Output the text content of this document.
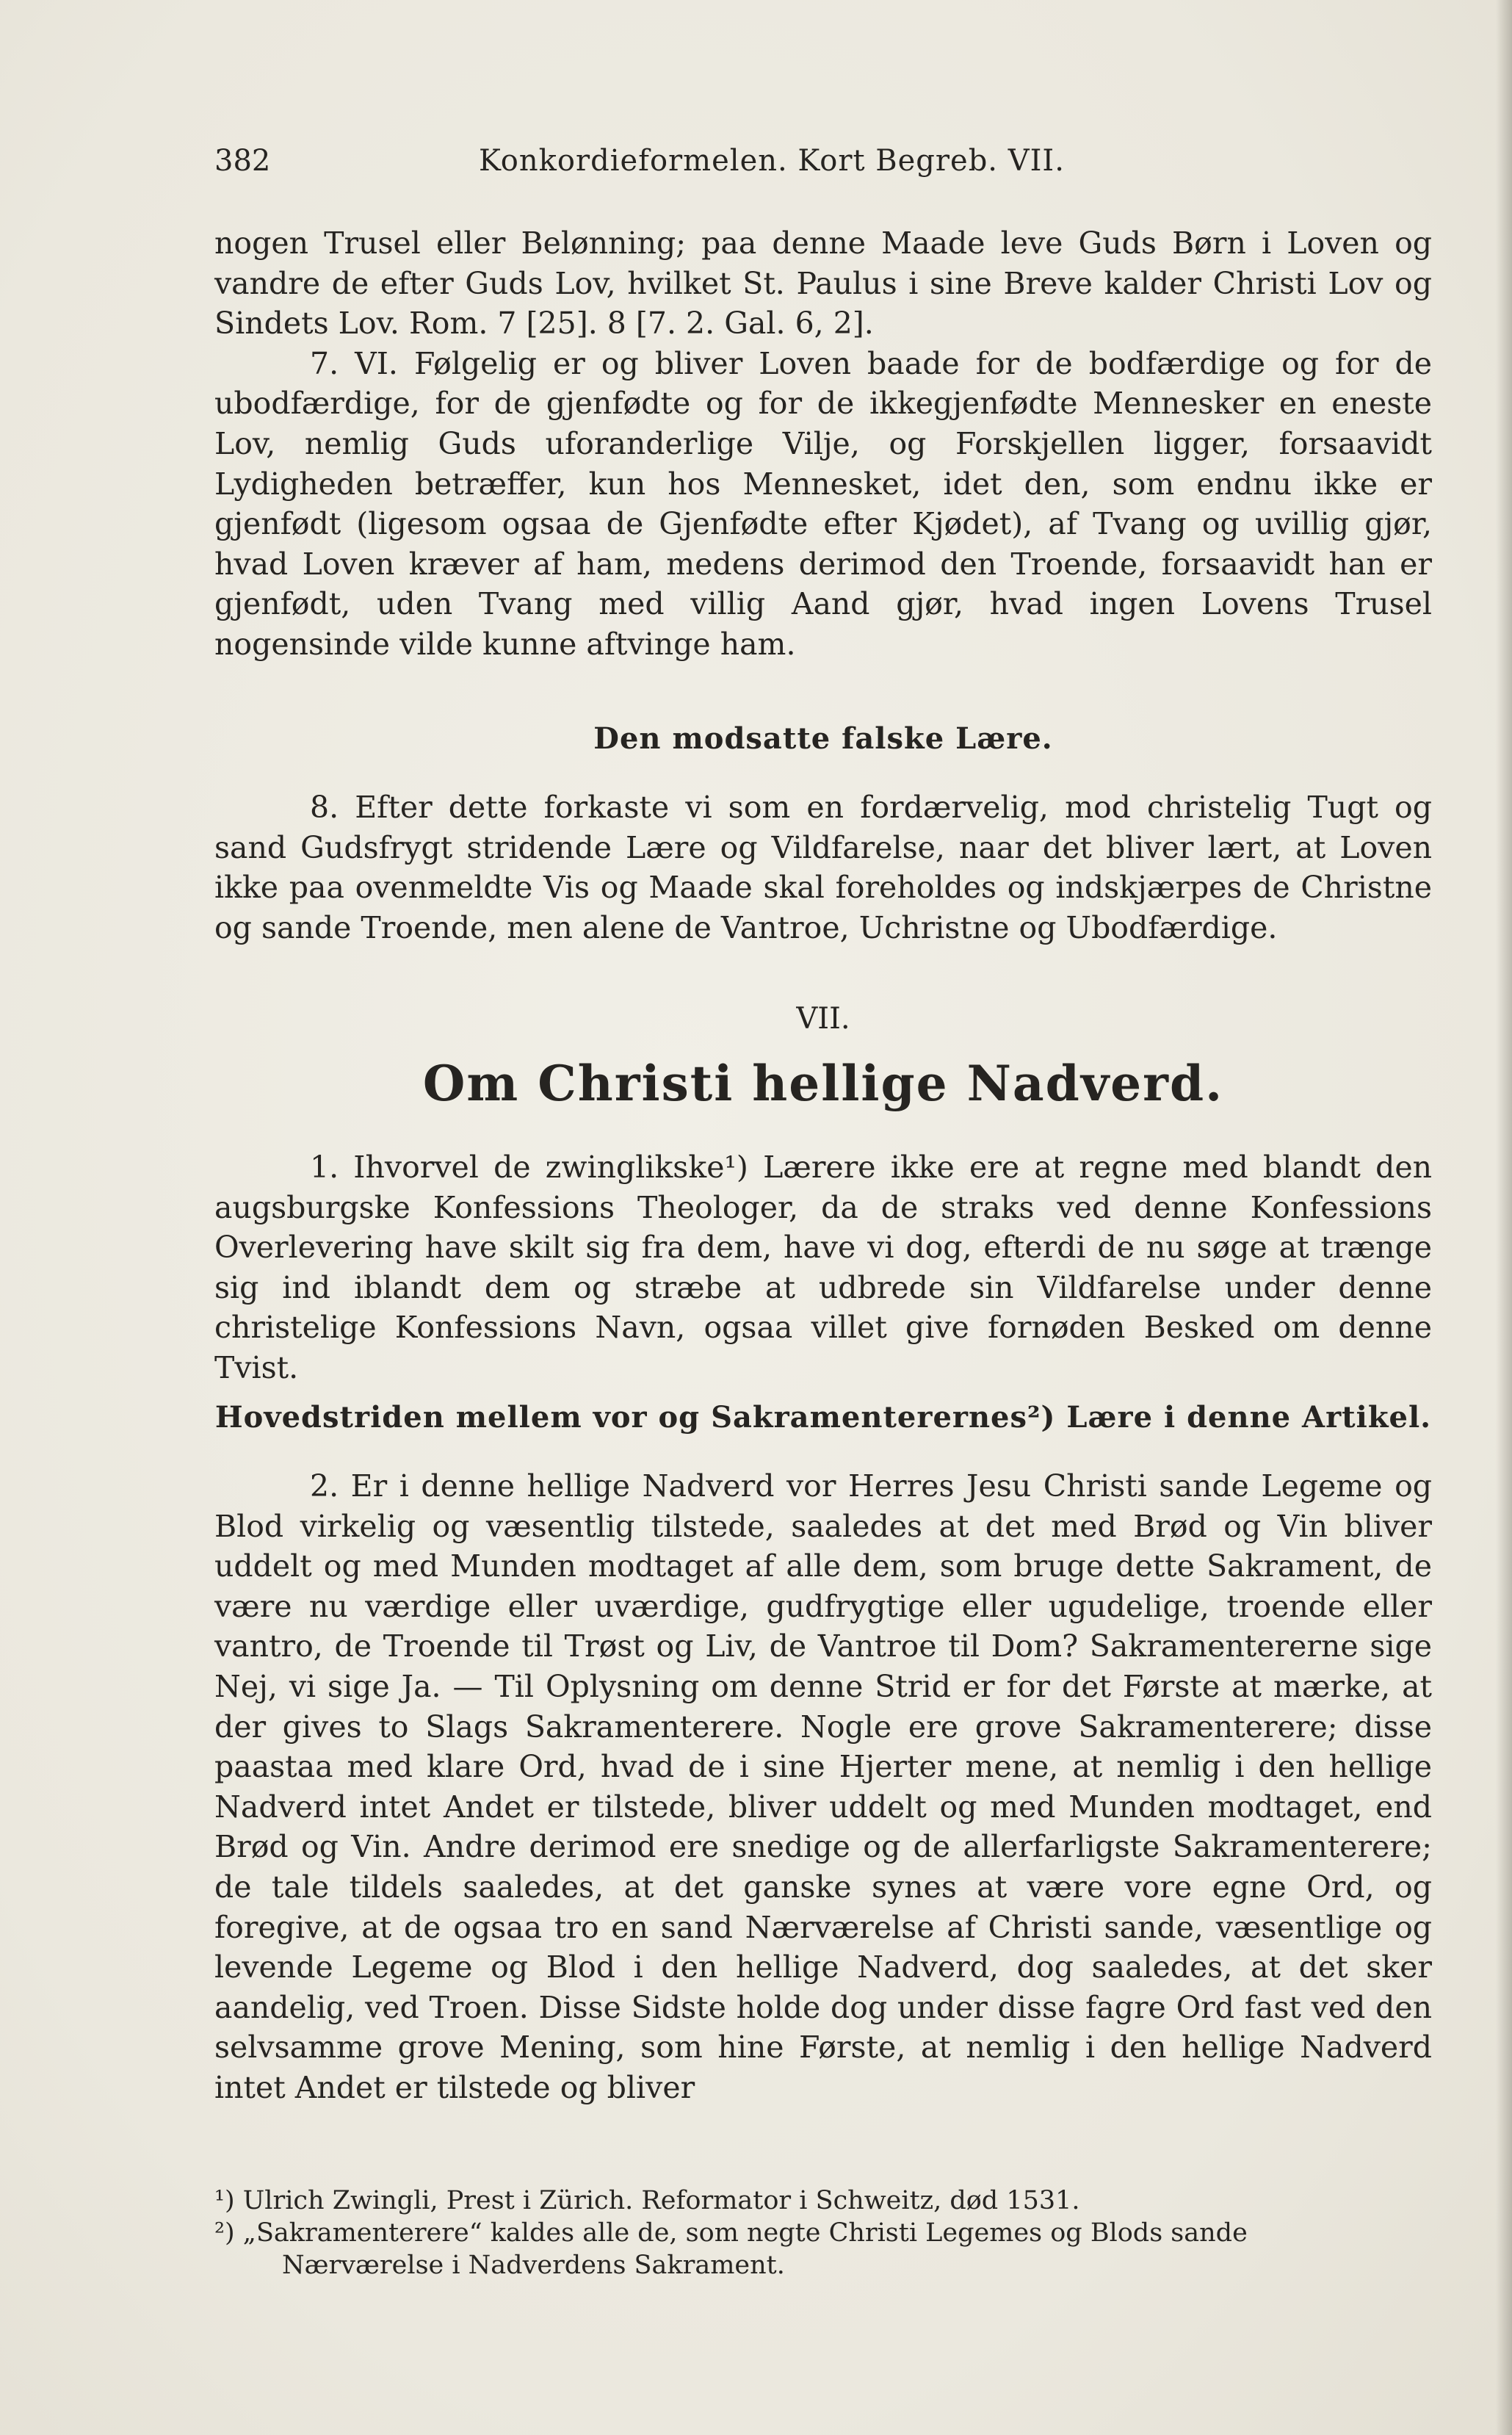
382	Konkordieformelen. Kort Begreb. VII.

nogen Trusel eller Belønning; paa denne Maade leve Guds Børn i Loven og vandre de efter Guds Lov, hvilket St. Paulus i sine Breve kalder Christi Lov og Sindets Lov. Rom. 7 [25]. 8 [7. 2. Gal. 6, 2].

7. VI. Følgelig er og bliver Loven baade for de bodfærdige og for de ubodfærdige, for de gjenfødte og for de ikkegjenfødte Mennesker en eneste Lov, nemlig Guds uforanderlige Vilje, og Forskjellen ligger, forsaavidt Lydigheden betræffer, kun hos Mennesket, idet den, som endnu ikke er gjenfødt (ligesom ogsaa de Gjenfødte efter Kjødet), af Tvang og uvillig gjør, hvad Loven kræver af ham, medens derimod den Troende, forsaavidt han er gjenfødt, uden Tvang med villig Aand gjør, hvad ingen Lovens Trusel nogensinde vilde kunne aftvinge ham.

Den modsatte falske Lære.

8. Efter dette forkaste vi som en fordærvelig, mod christelig Tugt og sand Gudsfrygt stridende Lære og Vildfarelse, naar det bliver lært, at Loven ikke paa ovenmeldte Vis og Maade skal foreholdes og indskjærpes de Christne og sande Troende, men alene de Vantroe, Uchristne og Ubodfærdige.

VII.
Om Christi hellige Nadverd.

1. Ihvorvel de zwinglikske¹) Lærere ikke ere at regne med blandt den augsburgske Konfessions Theologer, da de straks ved denne Konfessions Overlevering have skilt sig fra dem, have vi dog, efterdi de nu søge at trænge sig ind iblandt dem og stræbe at udbrede sin Vildfarelse under denne christelige Konfessions Navn, ogsaa villet give fornøden Besked om denne Tvist.

Hovedstriden mellem vor og Sakramenterernes²) Lære i denne Artikel.

2. Er i denne hellige Nadverd vor Herres Jesu Christi sande Legeme og Blod virkelig og væsentlig tilstede, saaledes at det med Brød og Vin bliver uddelt og med Munden modtaget af alle dem, som bruge dette Sakrament, de være nu værdige eller uværdige, gudfrygtige eller ugudelige, troende eller vantro, de Troende til Trøst og Liv, de Vantroe til Dom? Sakramentererne sige Nej, vi sige Ja. — Til Oplysning om denne Strid er for det Første at mærke, at der gives to Slags Sakramenterere. Nogle ere grove Sakramenterere; disse paastaa med klare Ord, hvad de i sine Hjerter mene, at nemlig i den hellige Nadverd intet Andet er tilstede, bliver uddelt og med Munden modtaget, end Brød og Vin. Andre derimod ere snedige og de allerfarligste Sakramenterere; de tale tildels saaledes, at det ganske synes at være vore egne Ord, og foregive, at de ogsaa tro en sand Nærværelse af Christi sande, væsentlige og levende Legeme og Blod i den hellige Nadverd, dog saaledes, at det sker aandelig, ved Troen. Disse Sidste holde dog under disse fagre Ord fast ved den selvsamme grove Mening, som hine Første, at nemlig i den hellige Nadverd intet Andet er tilstede og bliver

¹) Ulrich Zwingli, Prest i Zürich. Reformator i Schweitz, død 1531.

²) „Sakramenterere“ kaldes alle de, som negte Christi Legemes og Blods sande

Nærværelse i Nadverdens Sakrament.
